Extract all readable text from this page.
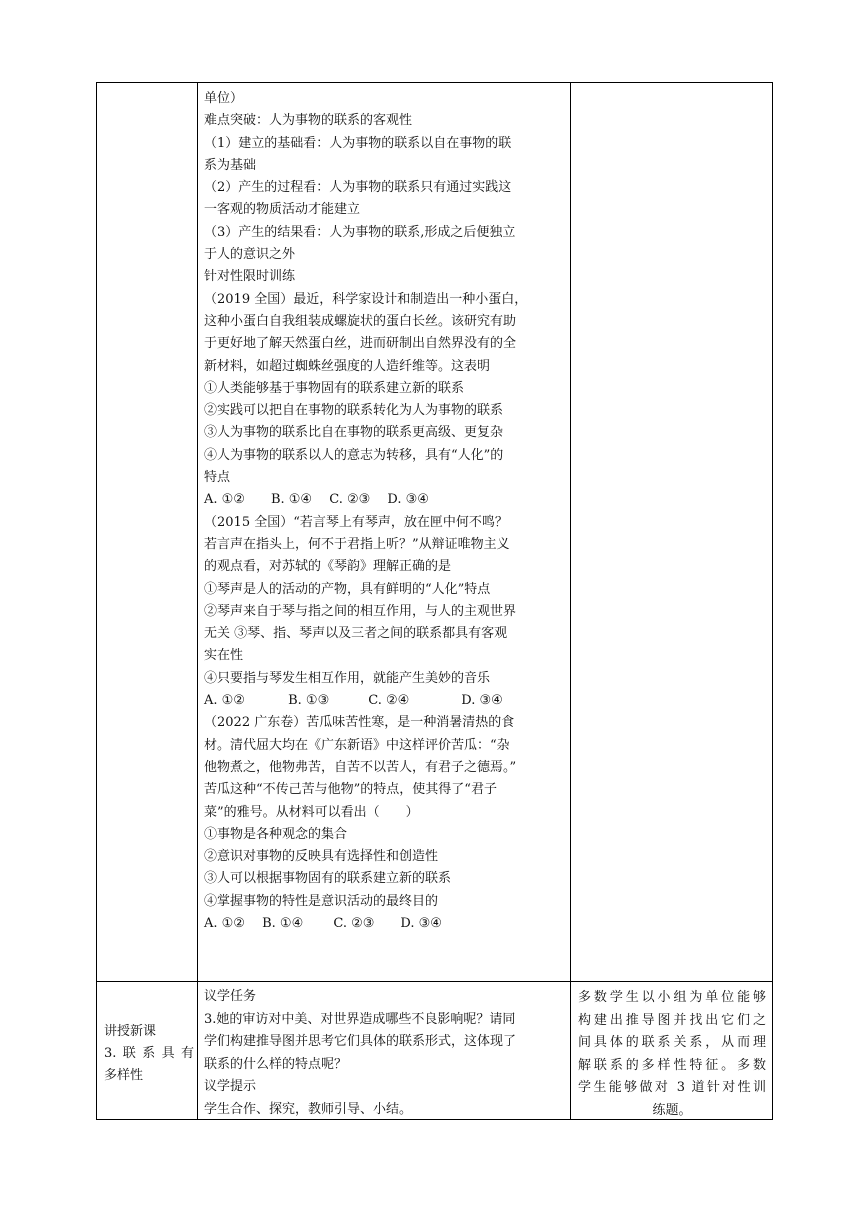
单位）
难点突破：人为事物的联系的客观性
（1）建立的基础看：人为事物的联系以自在事物的联
系为基础
（2）产生的过程看：人为事物的联系只有通过实践这
一客观的物质活动才能建立
（3）产生的结果看：人为事物的联系,形成之后便独立
于人的意识之外
针对性限时训练
（2019 全国）最近，科学家设计和制造出一种小蛋白，
这种小蛋白自我组装成螺旋状的蛋白长丝。该研究有助
于更好地了解天然蛋白丝，进而研制出自然界没有的全
新材料，如超过蜘蛛丝强度的人造纤维等。这表明
①人类能够基于事物固有的联系建立新的联系
②实践可以把自在事物的联系转化为人为事物的联系
③人为事物的联系比自在事物的联系更高级、更复杂
④人为事物的联系以人的意志为转移，具有“人化”的
特点
A. ①②　　B. ①④　 C. ②③　 D. ③④
（2015 全国）“若言琴上有琴声，放在匣中何不鸣？
若言声在指头上，何不于君指上听？”从辩证唯物主义
的观点看，对苏轼的《琴韵》理解正确的是
①琴声是人的活动的产物，具有鲜明的“人化”特点
②琴声来自于琴与指之间的相互作用，与人的主观世界
无关 ③琴、指、琴声以及三者之间的联系都具有客观
实在性
④只要指与琴发生相互作用，就能产生美妙的音乐
A. ①②　　　 B. ①③　　　C. ②④　　　　D. ③④
（2022 广东卷）苦瓜味苦性寒，是一种消暑清热的食
材。清代屈大均在《广东新语》中这样评价苦瓜：“杂
他物煮之，他物弗苦，自苦不以苦人，有君子之德焉。”
苦瓜这种“不传己苦与他物”的特点，使其得了“君子
菜”的雅号。从材料可以看出（　　）
①事物是各种观念的集合
②意识对事物的反映具有选择性和创造性
③人可以根据事物固有的联系建立新的联系
④掌握事物的特性是意识活动的最终目的
A. ①②　 B. ①④　　 C. ②③　　D. ③④
讲授新课
3.联系具有
多样性
议学任务
3.她的审访对中美、对世界造成哪些不良影响呢？请同
学们构建推导图并思考它们具体的联系形式，这体现了
联系的什么样的特点呢？
议学提示
学生合作、探究，教师引导、小结。
多数学生以小组为单位能够
构建出推导图并找出它们之
间具体的联系关系，从而理
解联系的多样性特征。多数
学生能够做对 3 道针对性训
练题。
